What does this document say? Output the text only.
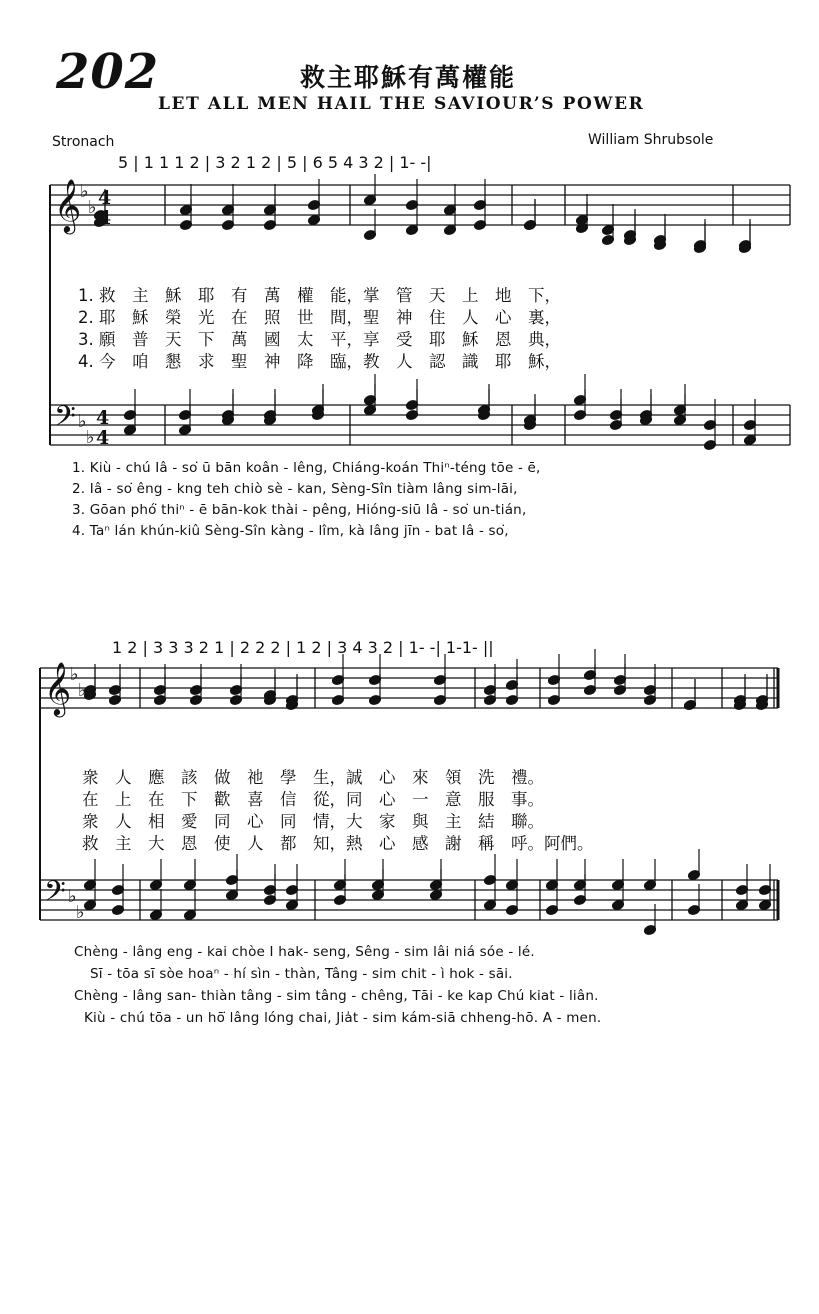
202	救主耶穌有萬權能
LET ALL MEN HAIL THE SAVIOUR’S POWER
Stronach	William Shrubsole
5 | 1 1 1 2 | 3 2 1 2 | 5 | 6 5 4 3 2 | 1- -|
1. 救　主　穌　耶　有　萬　權　能，掌　管　天　上　地　下，
2. 耶　穌　榮　光　在　照　世　間，聖　神　住　人　心　裏，
3. 願　普　天　下　萬　國　太　平，享　受　耶　穌　恩　典，
4. 今　咱　懇　求　聖　神　降　臨，教　人　認　識　耶　穌，
1. Kiù - chú Iâ - so͘ ū bān koân - lêng, Chiáng-koán Thiⁿ-téng tōe - ē,
2. Iâ - so͘ êng - kng teh chiò sè - kan, Sèng-Sîn tiàm lâng sim-lāi,
3. Gōan phó͘ thiⁿ - ē bān-kok thài - pêng, Hióng-siū Iâ - so͘ un-tián,
4. Taⁿ lán khún-kiû Sèng-Sîn kàng - lîm, kà lâng jīn - bat Iâ - so͘,
1 2 | 3 3 3 2 1 | 2 2 2 | 1 2 | 3 4 3 2 | 1- -| 1-1- ||
衆　人　應　該　做　祂　學　生，誠　心　來　領　洗　禮。
在　上　在　下　歡　喜　信　從，同　心　一　意　服　事。
衆　人　相　愛　同　心　同　情，大　家　與　主　結　聯。
救　主　大　恩　使　人　都　知，熱　心　感　謝　稱　呼。阿們。
Chèng - lâng eng - kai chòe I hak- seng, Sêng - sim lâi niá sóe - lé.
Sī - tōa sī sòe hoaⁿ - hí sìn - thàn, Tâng - sim chit - ì hok - sāi.
Chèng - lâng san- thiàn tâng - sim tâng - chêng, Tāi - ke kap Chú kiat - liân.
Kiù - chú tōa - un hō͘ lâng lóng chai, Jia̍t - sim kám-siā chheng-hō. A - men.
𝄞
𝄢
♭
♭
♭
♭
4
4
4
4
𝄞
𝄢
♭
♭
♭
♭
